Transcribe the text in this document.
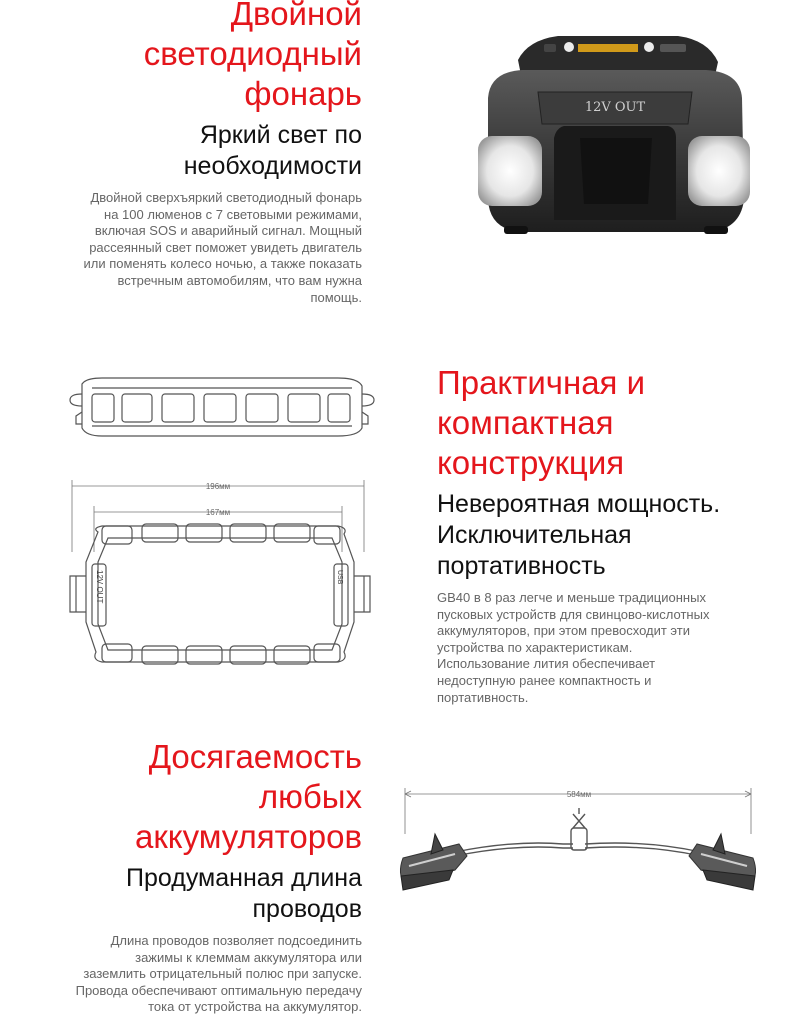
Двойной
светодиодный
фонарь
Яркий свет по
необходимости
Двойной сверхъяркий светодиодный фонарь
на 100 люменов с 7 световыми режимами,
включая SOS и аварийный сигнал. Мощный
рассеянный свет поможет увидеть двигатель
или поменять колесо ночью, а также показать
встречным автомобилям, что вам нужна
помощь.
Практичная и
компактная
конструкция
Невероятная мощность.
Исключительная
портативность
GB40 в 8 раз легче и меньше традиционных
пусковых устройств для свинцово-кислотных
аккумуляторов, при этом превосходит эти
устройства по характеристикам.
Использование лития обеспечивает
недоступную ранее компактность и
портативность.
Досягаемость
любых
аккумуляторов
Продуманная длина
проводов
Длина проводов позволяет подсоединить
зажимы к клеммам аккумулятора или
заземлить отрицательный полюс при запуске.
Провода обеспечивают оптимальную передачу
тока от устройства на аккумулятор.
12V OUT
196мм
167мм
12V OUT	USB
584мм
